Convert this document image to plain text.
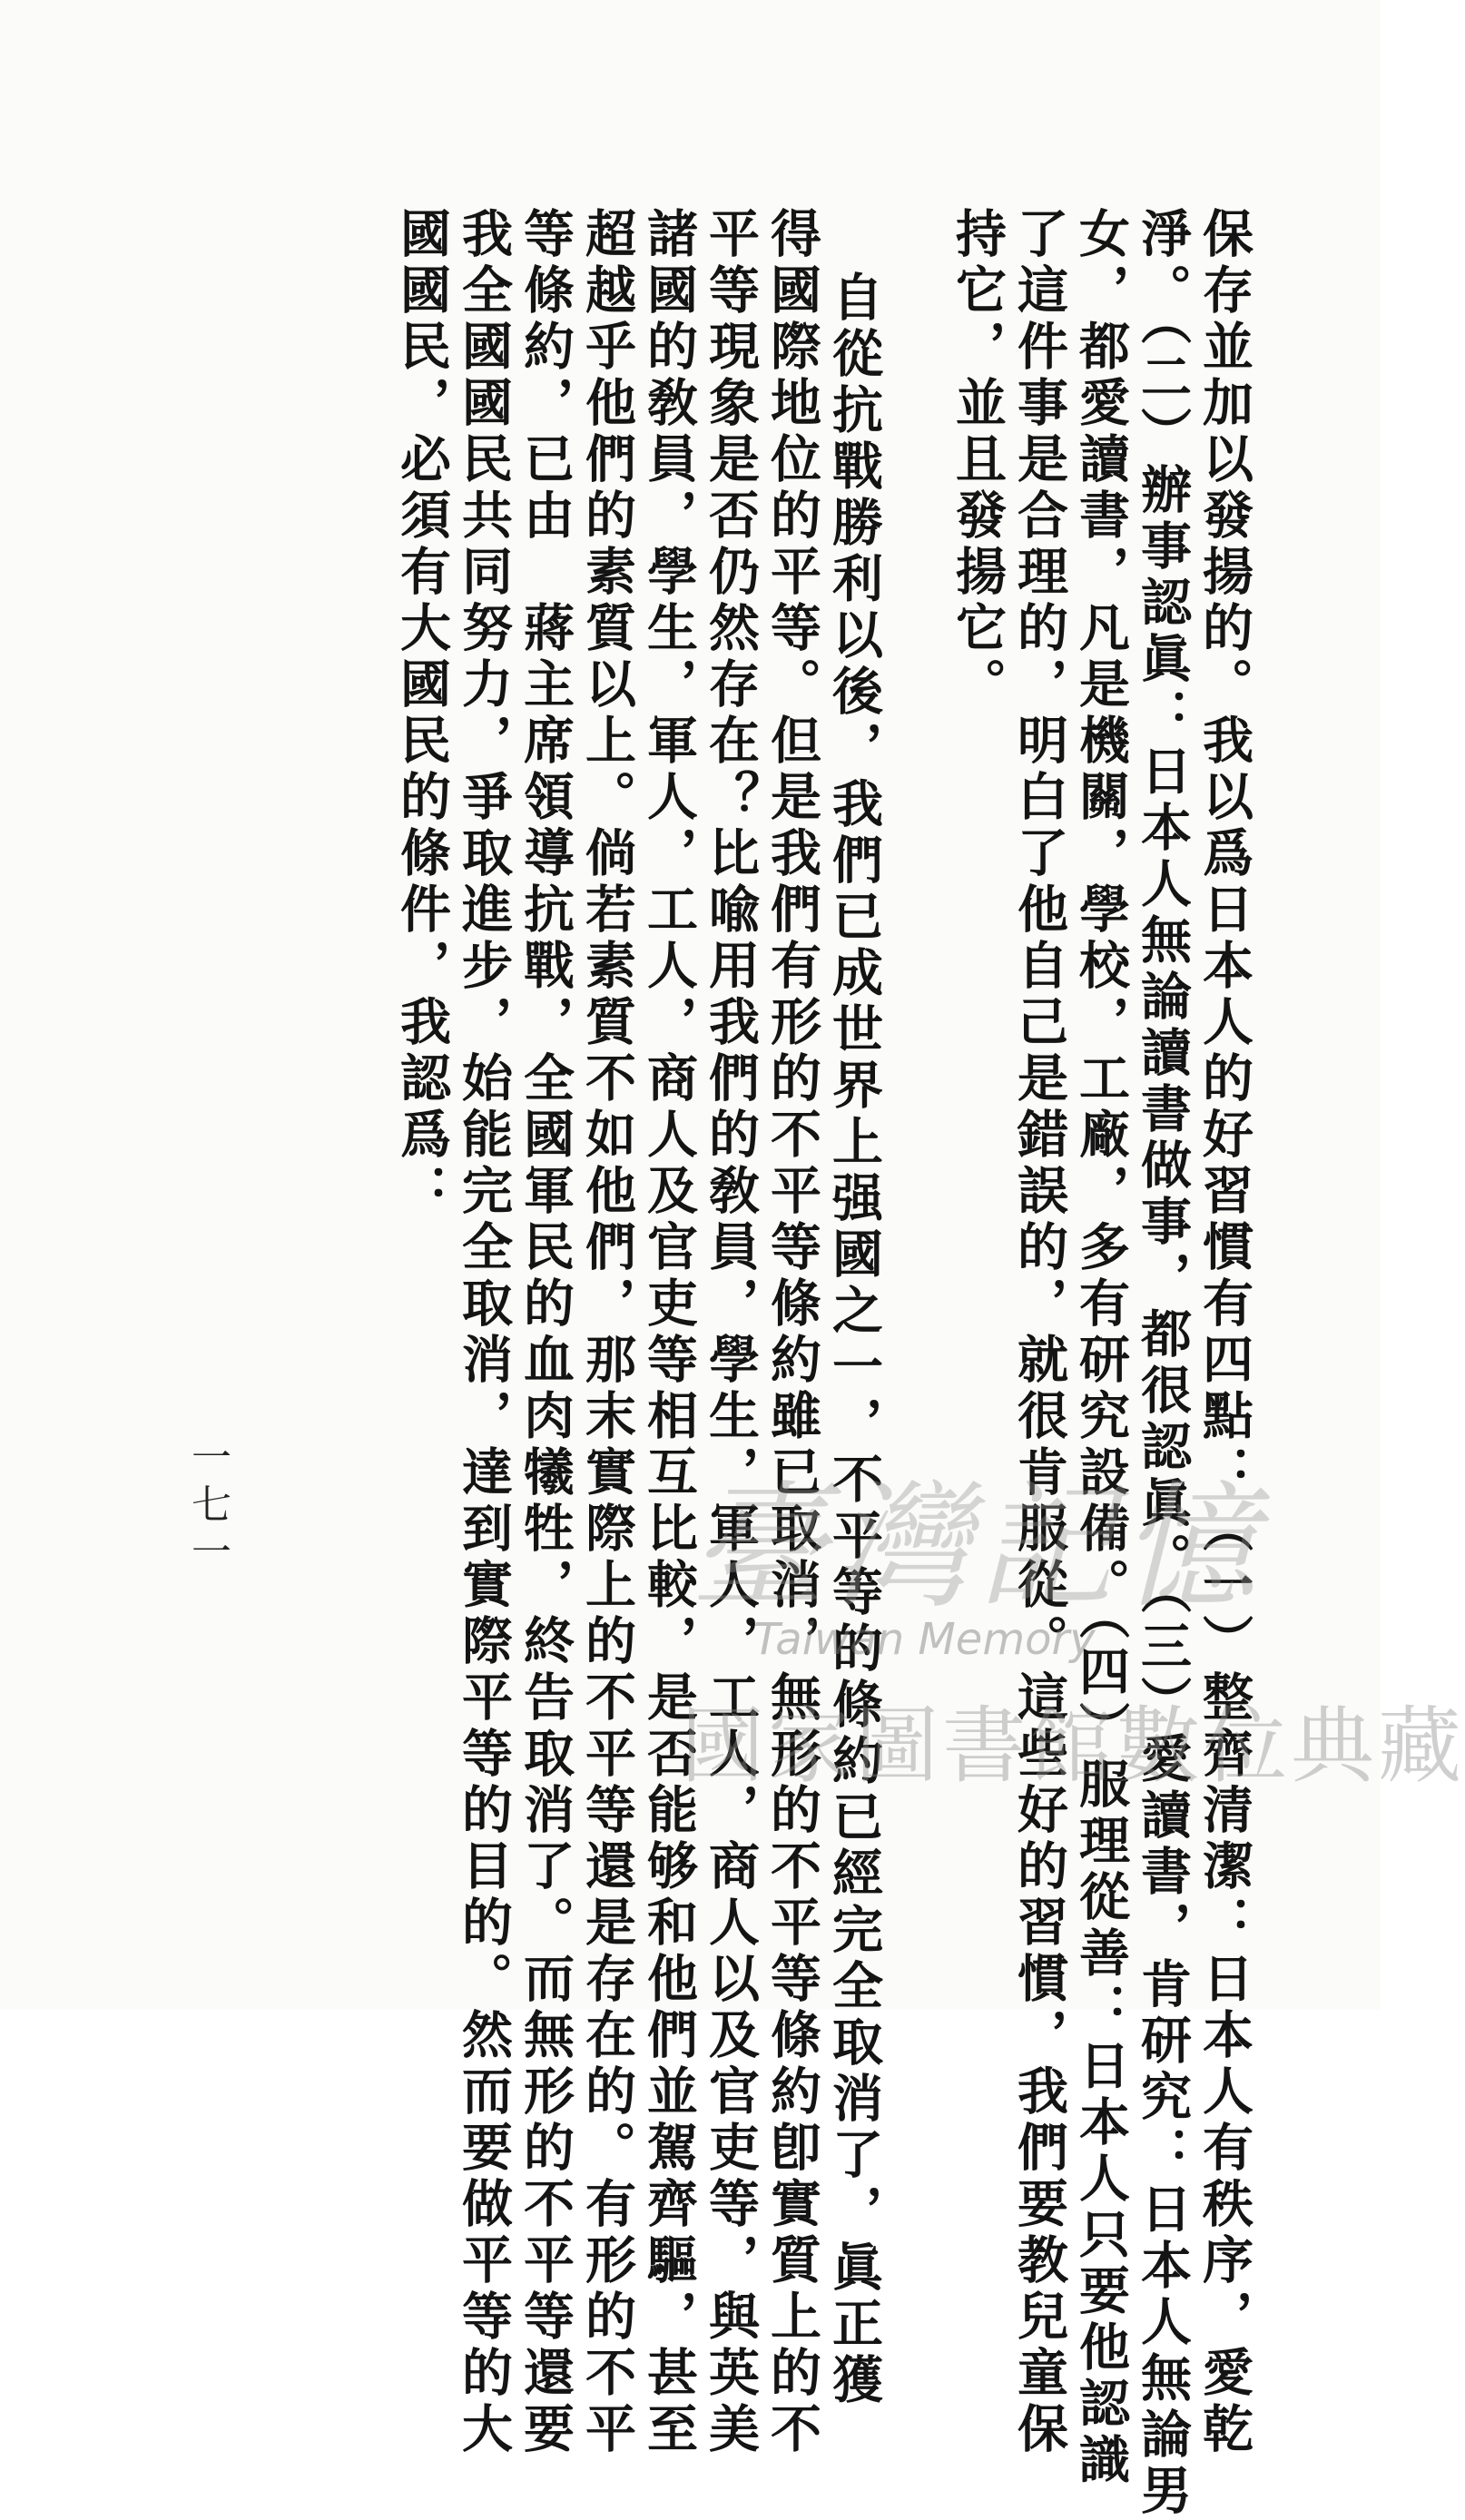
保存並加以發揚的。我以爲日本人的好習慣有四點：（一）整齊清潔：日本人有秩序，愛乾
淨。（二）辦事認眞：日本人無論讀書做事，都很認眞。（三）愛讀書，肯研究：日本人無論男
女，都愛讀書，凡是機關，學校，工廠，多有研究設備。（四）服理從善：日本人只要他認識
了這件事是合理的，明白了他自己是錯誤的，就很肯服從。這些好的習慣，我們要教兒童保
持它，並且發揚它。
自從抗戰勝利以後，我們已成世界上强國之一，不平等的條約已經完全取消了，眞正獲
得國際地位的平等。但是我們有形的不平等條約雖已取消，無形的不平等條約卽實質上的不
平等現象是否仍然存在？比喩用我們的敎員，學生，軍人，工人，商人以及官吏等，與英美
諸國的敎員，學生，軍人，工人，商人及官吏等相互比較，是否能够和他們並駕齊驅，甚至
超越乎他們的素質以上。倘若素質不如他們，那末實際上的不平等還是存在的。有形的不平
等條約，已由　蔣主席領導抗戰，全國軍民的血肉犧牲，終告取消了。而無形的不平等還要
我全國國民共同努力，爭取進步，始能完全取消，達到實際平等的目的。然而要做平等的大
國國民，必須有大國民的條件，我認爲：
一七一	臺灣記憶
Taiwan Memory
國家圖書館數位典藏
